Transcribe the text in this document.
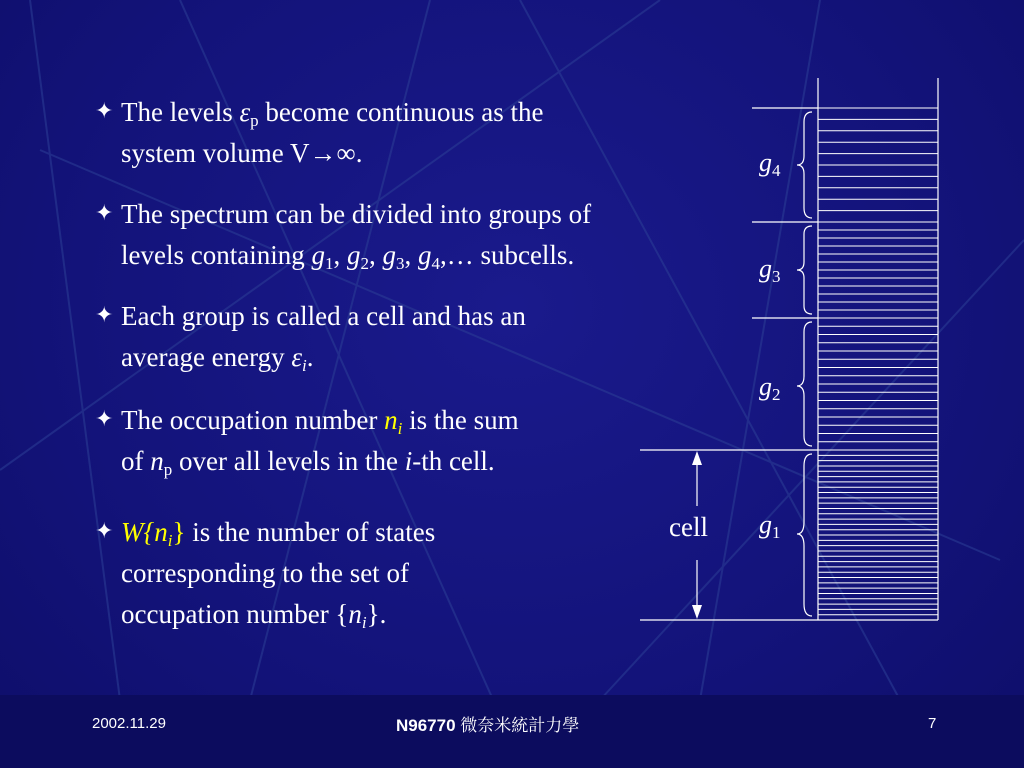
✦ The levels $\varepsilon_p$ become continuous as the
system volume V→∞.
✦ The spectrum can be divided into groups of
levels containing $g_1$, $g_2$, $g_3$, $g_4,\dots$ subcells.
✦ Each group is called a cell and has an
average energy $\varepsilon_i$.
✦ The occupation number $n_i$ is the sum
of $n_p$ over all levels in the i-th cell.
✦ $W\{n_i\}$ is the number of states
corresponding to the set of
occupation number $\{n_i\}$.
$g_4$
$g_3$
$g_2$
$g_1$
cell
2002.11.29	N96770 微奈米統計力學	7
